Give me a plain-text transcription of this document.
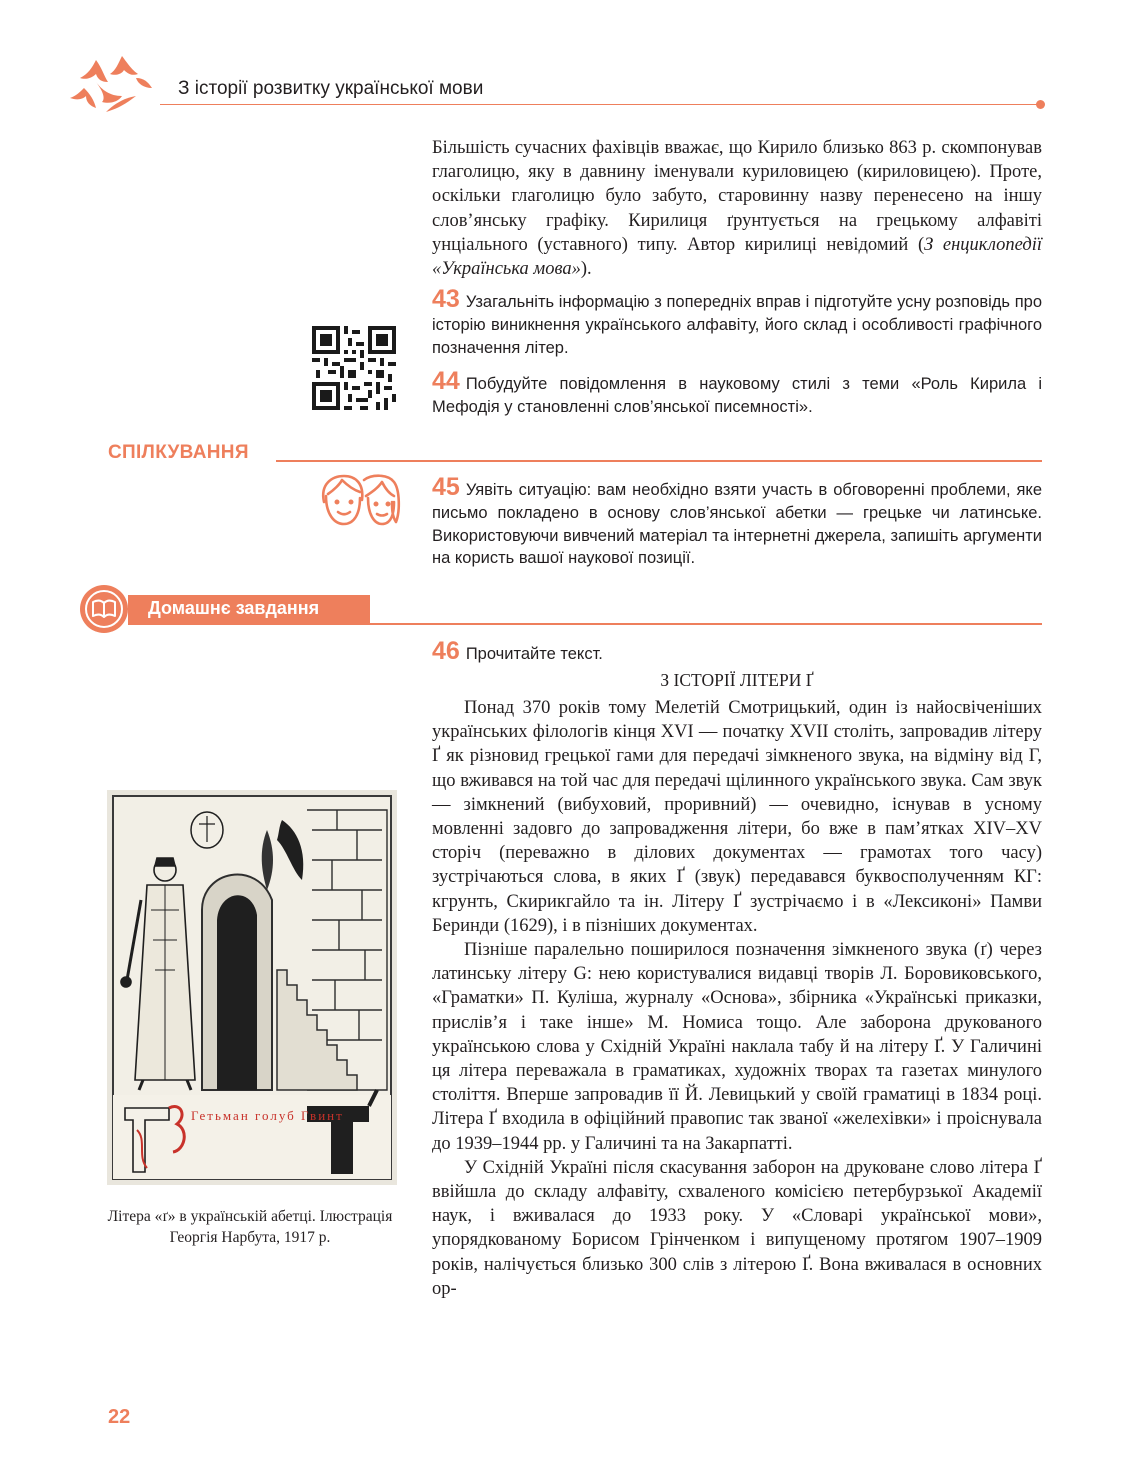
З історії розвитку української мови
Більшість сучасних фахівців вважає, що Кирило близько 863 р. скомпонував глаголицю, яку в давнину іменували куриловицею (кириловицею). Проте, оскільки глаголицю було забуто, старовинну назву перенесено на іншу слов’янську графіку. Кирилиця ґрунтується на грецькому алфавіті унціального (уставного) типу. Автор кирилиці невідомий (З енциклопедії «Українська мова»).
43 Узагальніть інформацію з попередніх вправ і підготуйте усну розповідь про історію виникнення українського алфавіту, його склад і особливості графічного позначення літер.
44 Побудуйте повідомлення в науковому стилі з теми «Роль Кирила і Мефодія у становленні слов’янської писемності».
СПІЛКУВАННЯ
45 Уявіть ситуацію: вам необхідно взяти участь в обговоренні проблеми, яке письмо покладено в основу слов’янської абетки — грецьке чи латинське. Використовуючи вивчений матеріал та інтернетні джерела, запишіть аргументи на користь вашої наукової позиції.
Домашнє завдання
46 Прочитайте текст.
З ІСТОРІЇ ЛІТЕРИ Ґ

Понад 370 років тому Мелетій Смотрицький, один із найосвіченіших українських філологів кінця XVI — початку XVII століть, запровадив літеру Ґ як різновид грецької гами для передачі зімкненого звука, на відміну від Г, що вживався на той час для передачі щілинного українського звука. Сам звук — зімкнений (вибуховий, проривний) — очевидно, існував в усному мовленні задовго до запровадження літери, бо вже в пам’ятках XIV–XV сторіч (переважно в ділових документах — грамотах того часу) зустрічаються слова, в яких Ґ (звук) передавався буквосполученням КГ: кгрунть, Скирикгайло та ін. Літеру Ґ зустрічаємо і в «Лексиконі» Памви Беринди (1629), і в пізніших документах.

Пізніше паралельно поширилося позначення зімкненого звука (ґ) через латинську літеру G: нею користувалися видавці творів Л. Боровиковського, «Граматки» П. Куліша, журналу «Основа», збірника «Українські приказки, прислів’я і таке інше» М. Номиса тощо. Але заборона друкованого українською слова у Східній Україні наклала табу й на літеру Ґ. У Галичині ця літера переважала в граматиках, художніх творах та газетах минулого століття. Вперше запровадив її Й. Левицький у своїй граматиці в 1834 році. Літера Ґ входила в офіційний правопис так званої «желехівки» і проіснувала до 1939–1944 рр. у Галичині та на Закарпатті.

У Східній Україні після скасування заборон на друковане слово літера Ґ ввійшла до складу алфавіту, схваленого комісією петербурзької Академії наук, і вживалася до 1933 року. У «Словарі української мови», упорядкованому Борисом Грінченком і випущеному протягом 1907–1909 років, налічується близько 300 слів з літерою Ґ. Вона вживалася в основних ор-

Гетьман голуб Гвинт
Літера «ґ» в українській абетці. Ілюстрація Георгія Нарбута, 1917 р.
22
